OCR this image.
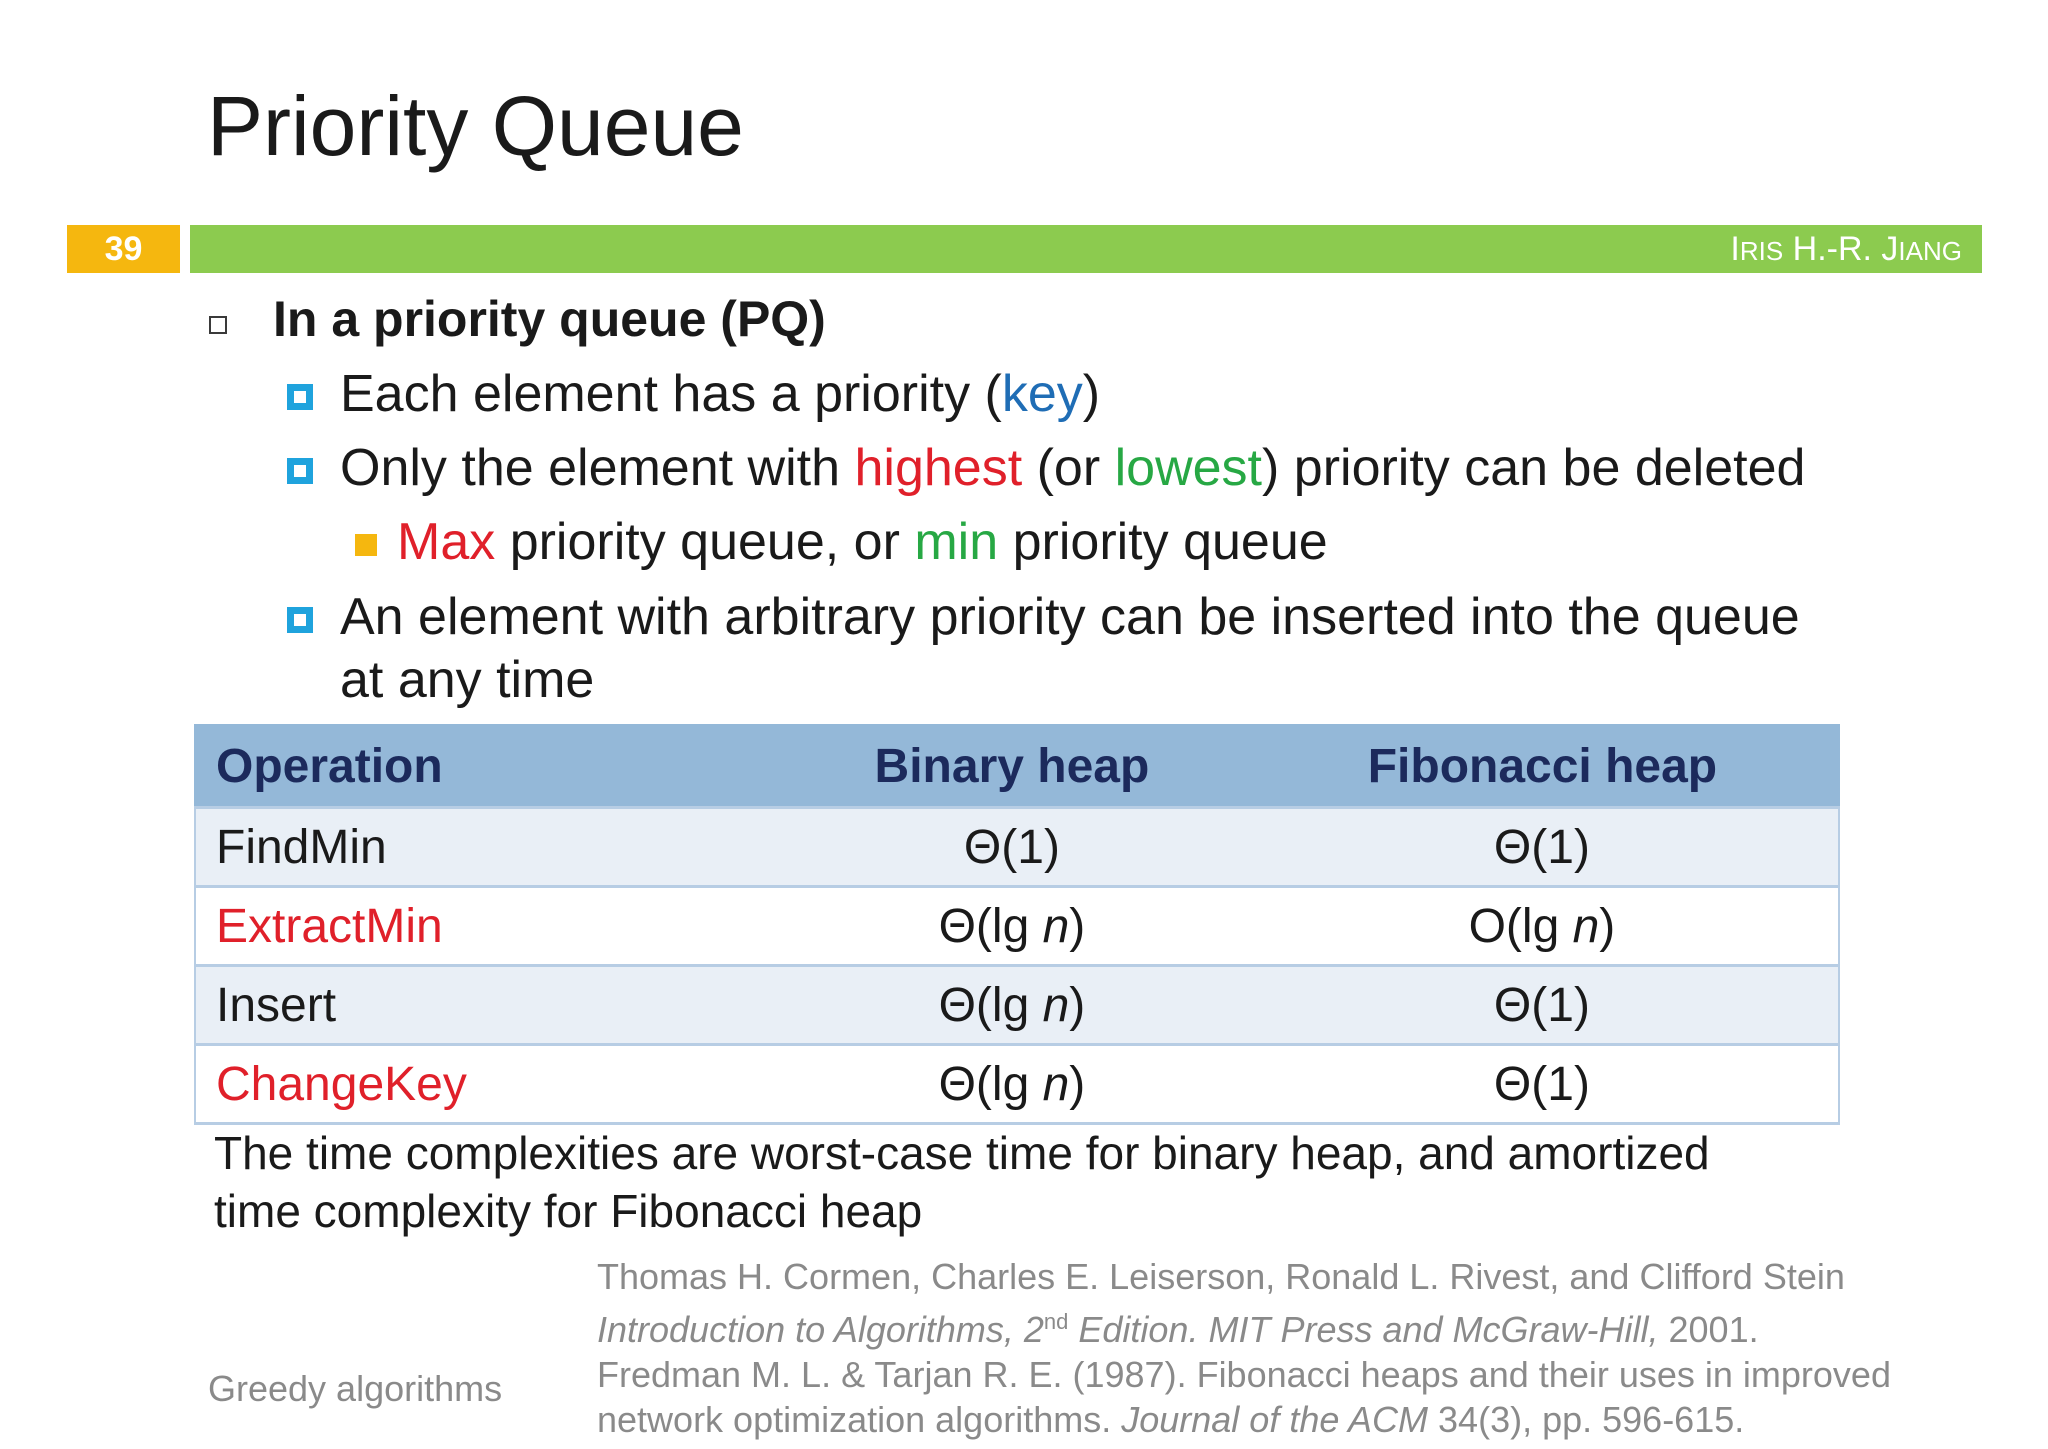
Priority Queue
39	IRIS H.-R. JIANG
In a priority queue (PQ)
Each element has a priority (key)
Only the element with highest (or lowest) priority can be deleted
Max priority queue, or min priority queue
An element with arbitrary priority can be inserted into the queue
at any time
Operation	Binary heap	Fibonacci heap
FindMin	Θ(1)	Θ(1)
ExtractMin	Θ(lg n)	O(lg n)
Insert	Θ(lg n)	Θ(1)
ChangeKey	Θ(lg n)	Θ(1)
The time complexities are worst-case time for binary heap, and amortized
time complexity for Fibonacci heap
Greedy algorithms
Thomas H. Cormen, Charles E. Leiserson, Ronald L. Rivest, and Clifford Stein
Introduction to Algorithms, 2nd Edition. MIT Press and McGraw-Hill, 2001.
Fredman M. L. & Tarjan R. E. (1987). Fibonacci heaps and their uses in improved
network optimization algorithms. Journal of the ACM 34(3), pp. 596-615.
